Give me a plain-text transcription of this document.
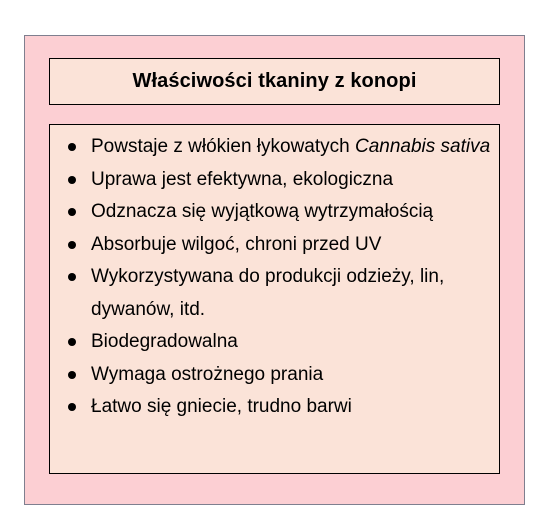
Właściwości tkaniny z konopi
Powstaje z włókien łykowatych Cannabis sativa
Uprawa jest efektywna, ekologiczna
Odznacza się wyjątkową wytrzymałością
Absorbuje wilgoć, chroni przed UV
Wykorzystywana do produkcji odzieży, lin, dywanów, itd.
Biodegradowalna
Wymaga ostrożnego prania
Łatwo się gniecie, trudno barwi
